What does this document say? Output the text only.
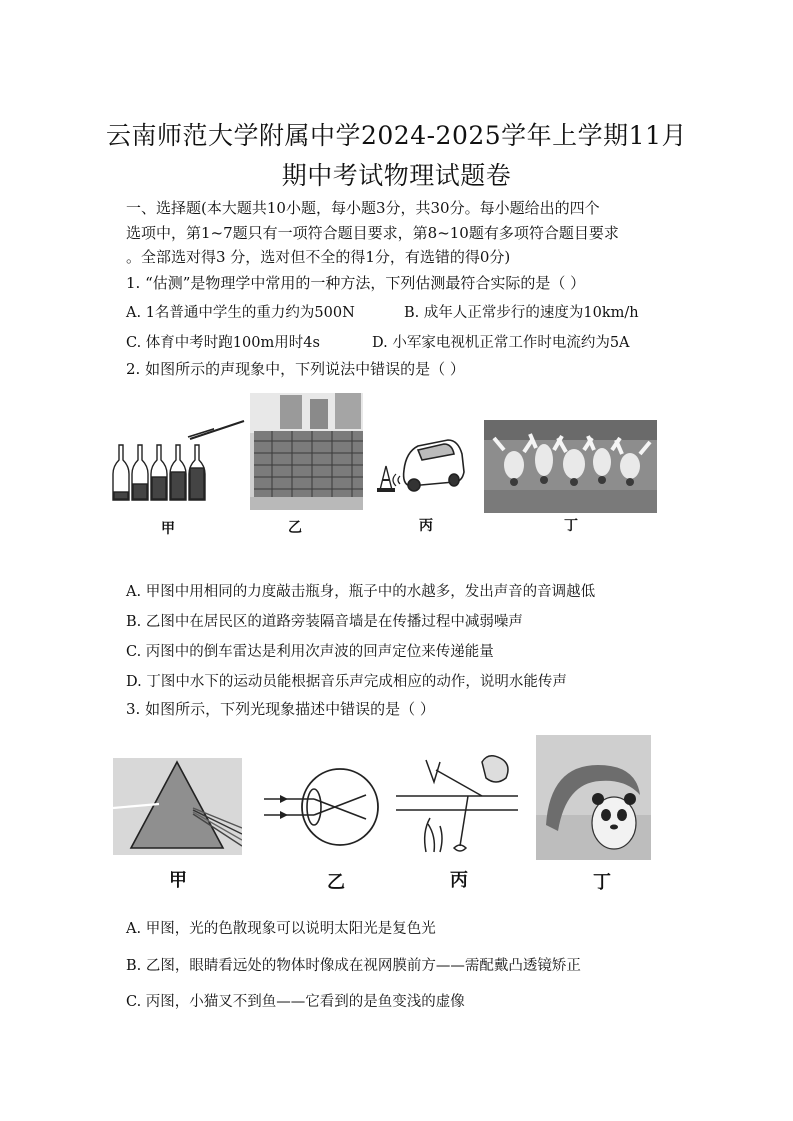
云南师范大学附属中学2024-2025学年上学期11月
期中考试物理试题卷
一、选择题(本大题共10小题，每小题3分，共30分。每小题给出的四个
选项中，第1~7题只有一项符合题目要求，第8~10题有多项符合题目要求
。全部选对得3 分，选对但不全的得1分，有选错的得0分)
1. “估测”是物理学中常用的一种方法，下列估测最符合实际的是（ ）
A. 1名普通中学生的重力约为500N	B. 成年人正常步行的速度为10km/h
C. 体育中考时跑100m用时4s	D. 小军家电视机正常工作时电流约为5A
2. 如图所示的声现象中，下列说法中错误的是（ ）
甲	乙	丙	丁
A. 甲图中用相同的力度敲击瓶身，瓶子中的水越多，发出声音的音调越低
B. 乙图中在居民区的道路旁装隔音墙是在传播过程中减弱噪声
C. 丙图中的倒车雷达是利用次声波的回声定位来传递能量
D. 丁图中水下的运动员能根据音乐声完成相应的动作，说明水能传声
3. 如图所示，下列光现象描述中错误的是（ ）
甲	乙	丙	丁
A. 甲图，光的色散现象可以说明太阳光是复色光
B. 乙图，眼睛看远处的物体时像成在视网膜前方——需配戴凸透镜矫正
C. 丙图，小猫叉不到鱼——它看到的是鱼变浅的虚像
